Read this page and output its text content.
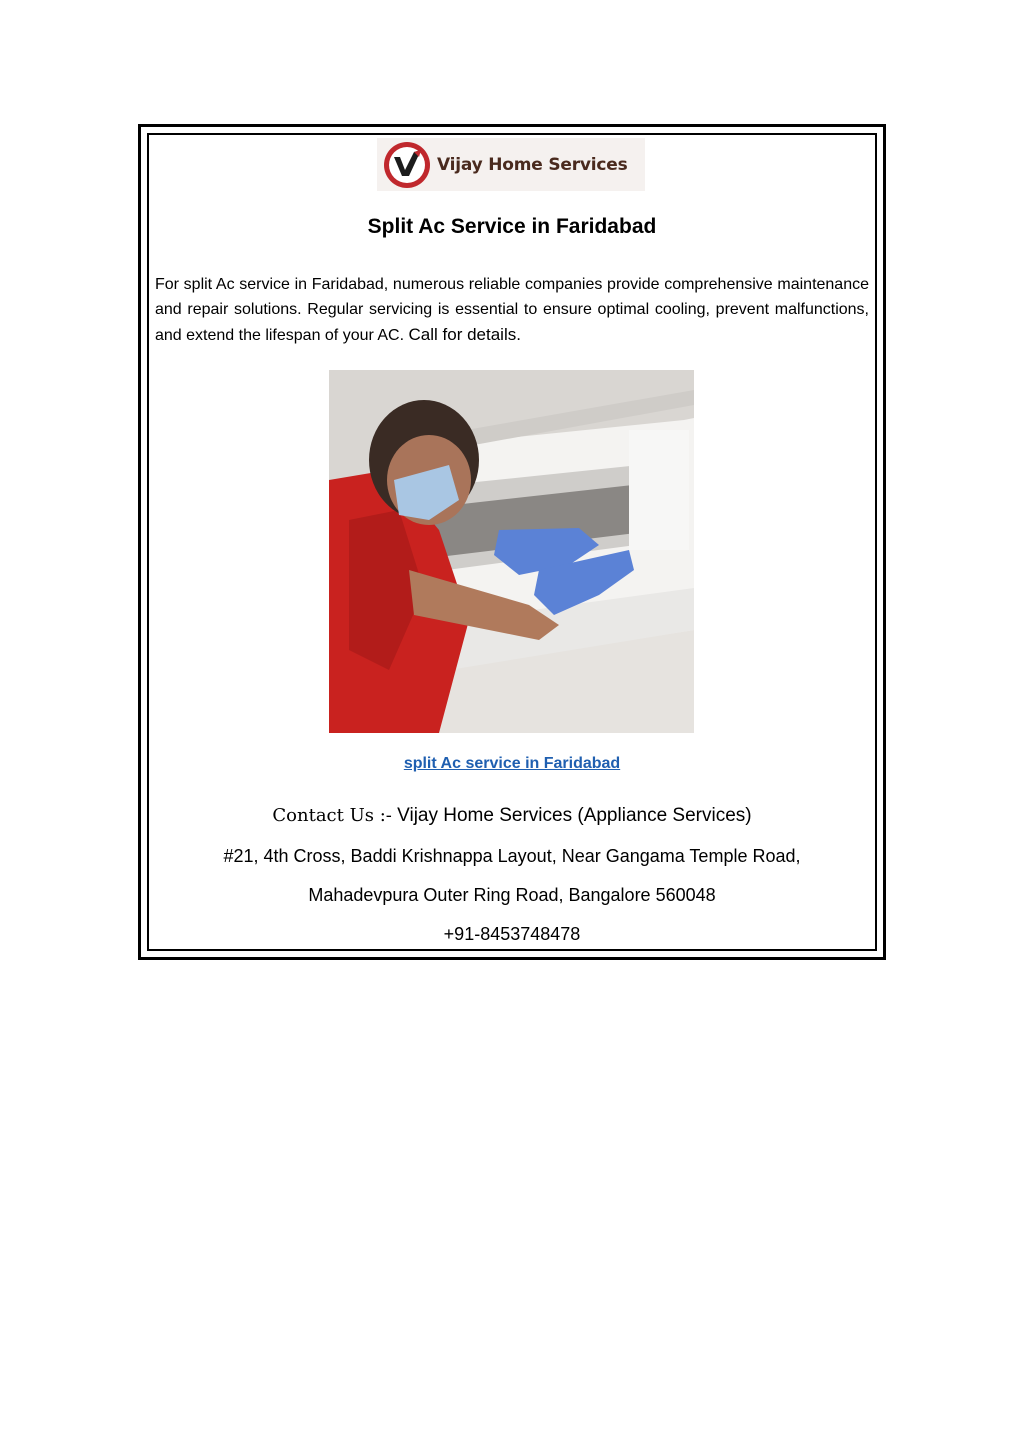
Vijay Home Services
Split Ac Service in Faridabad
For split Ac service in Faridabad, numerous reliable companies provide comprehensive maintenance and repair solutions. Regular servicing is essential to ensure optimal cooling, prevent malfunctions, and extend the lifespan of your AC. Call for details.
split Ac service in Faridabad
Contact Us :- Vijay Home Services (Appliance Services)
#21, 4th Cross, Baddi Krishnappa Layout, Near Gangama Temple Road,
Mahadevpura Outer Ring Road, Bangalore 560048
+91-8453748478
